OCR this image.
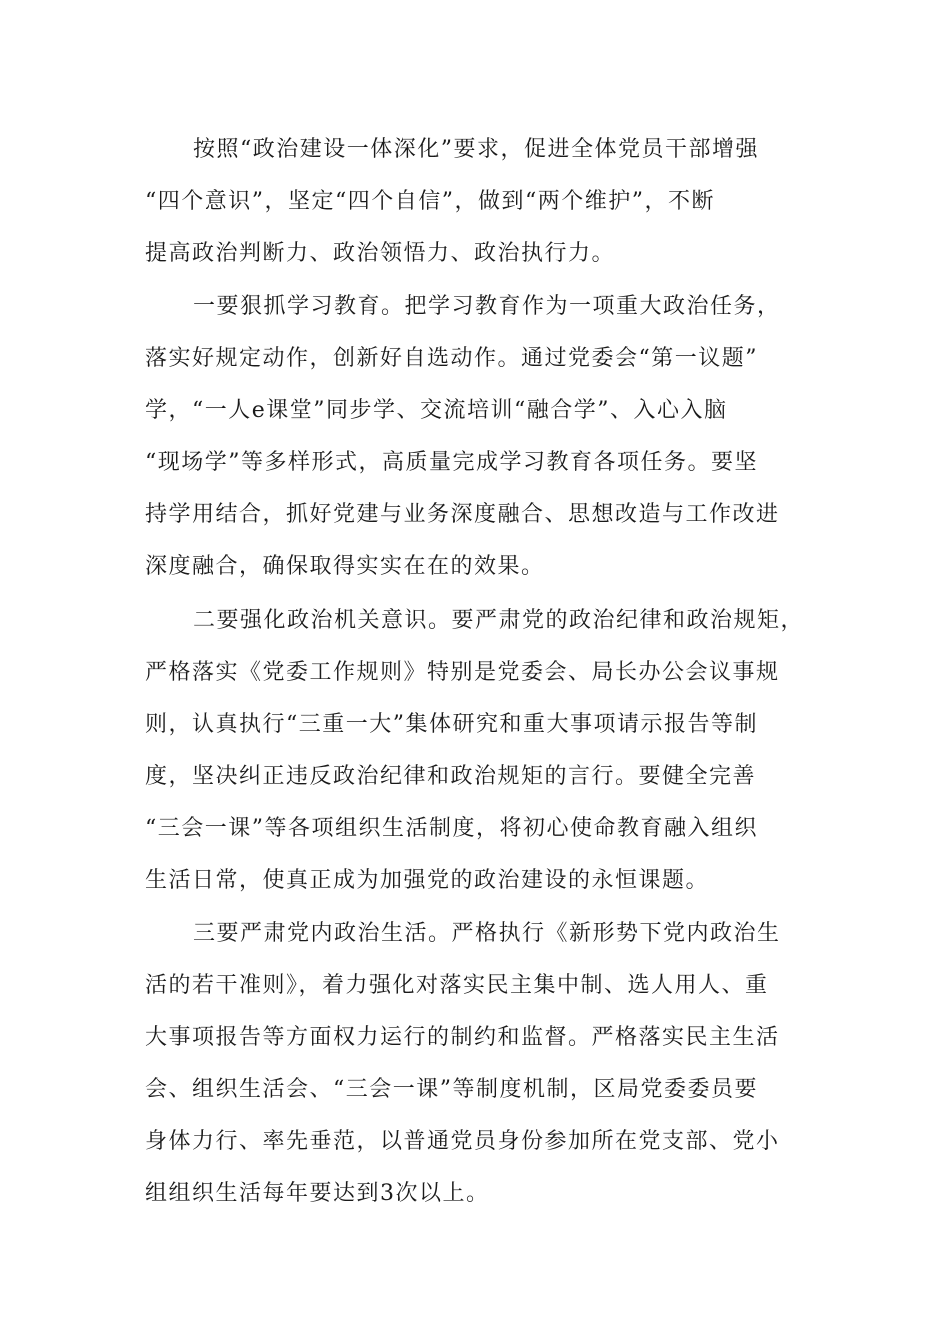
按照“政治建设一体深化”要求，促进全体党员干部增强
“四个意识”，坚定“四个自信”，做到“两个维护”，不断
提高政治判断力、政治领悟力、政治执行力。
一要狠抓学习教育。把学习教育作为一项重大政治任务，
落实好规定动作，创新好自选动作。通过党委会“第一议题”
学，“一人e课堂”同步学、交流培训“融合学”、入心入脑
“现场学”等多样形式，高质量完成学习教育各项任务。要坚
持学用结合，抓好党建与业务深度融合、思想改造与工作改进
深度融合，确保取得实实在在的效果。
二要强化政治机关意识。要严肃党的政治纪律和政治规矩，
严格落实《党委工作规则》特别是党委会、局长办公会议事规
则，认真执行“三重一大”集体研究和重大事项请示报告等制
度，坚决纠正违反政治纪律和政治规矩的言行。要健全完善
“三会一课”等各项组织生活制度，将初心使命教育融入组织
生活日常，使真正成为加强党的政治建设的永恒课题。
三要严肃党内政治生活。严格执行《新形势下党内政治生
活的若干准则》，着力强化对落实民主集中制、选人用人、重
大事项报告等方面权力运行的制约和监督。严格落实民主生活
会、组织生活会、“三会一课”等制度机制，区局党委委员要
身体力行、率先垂范，以普通党员身份参加所在党支部、党小
组组织生活每年要达到3次以上。
